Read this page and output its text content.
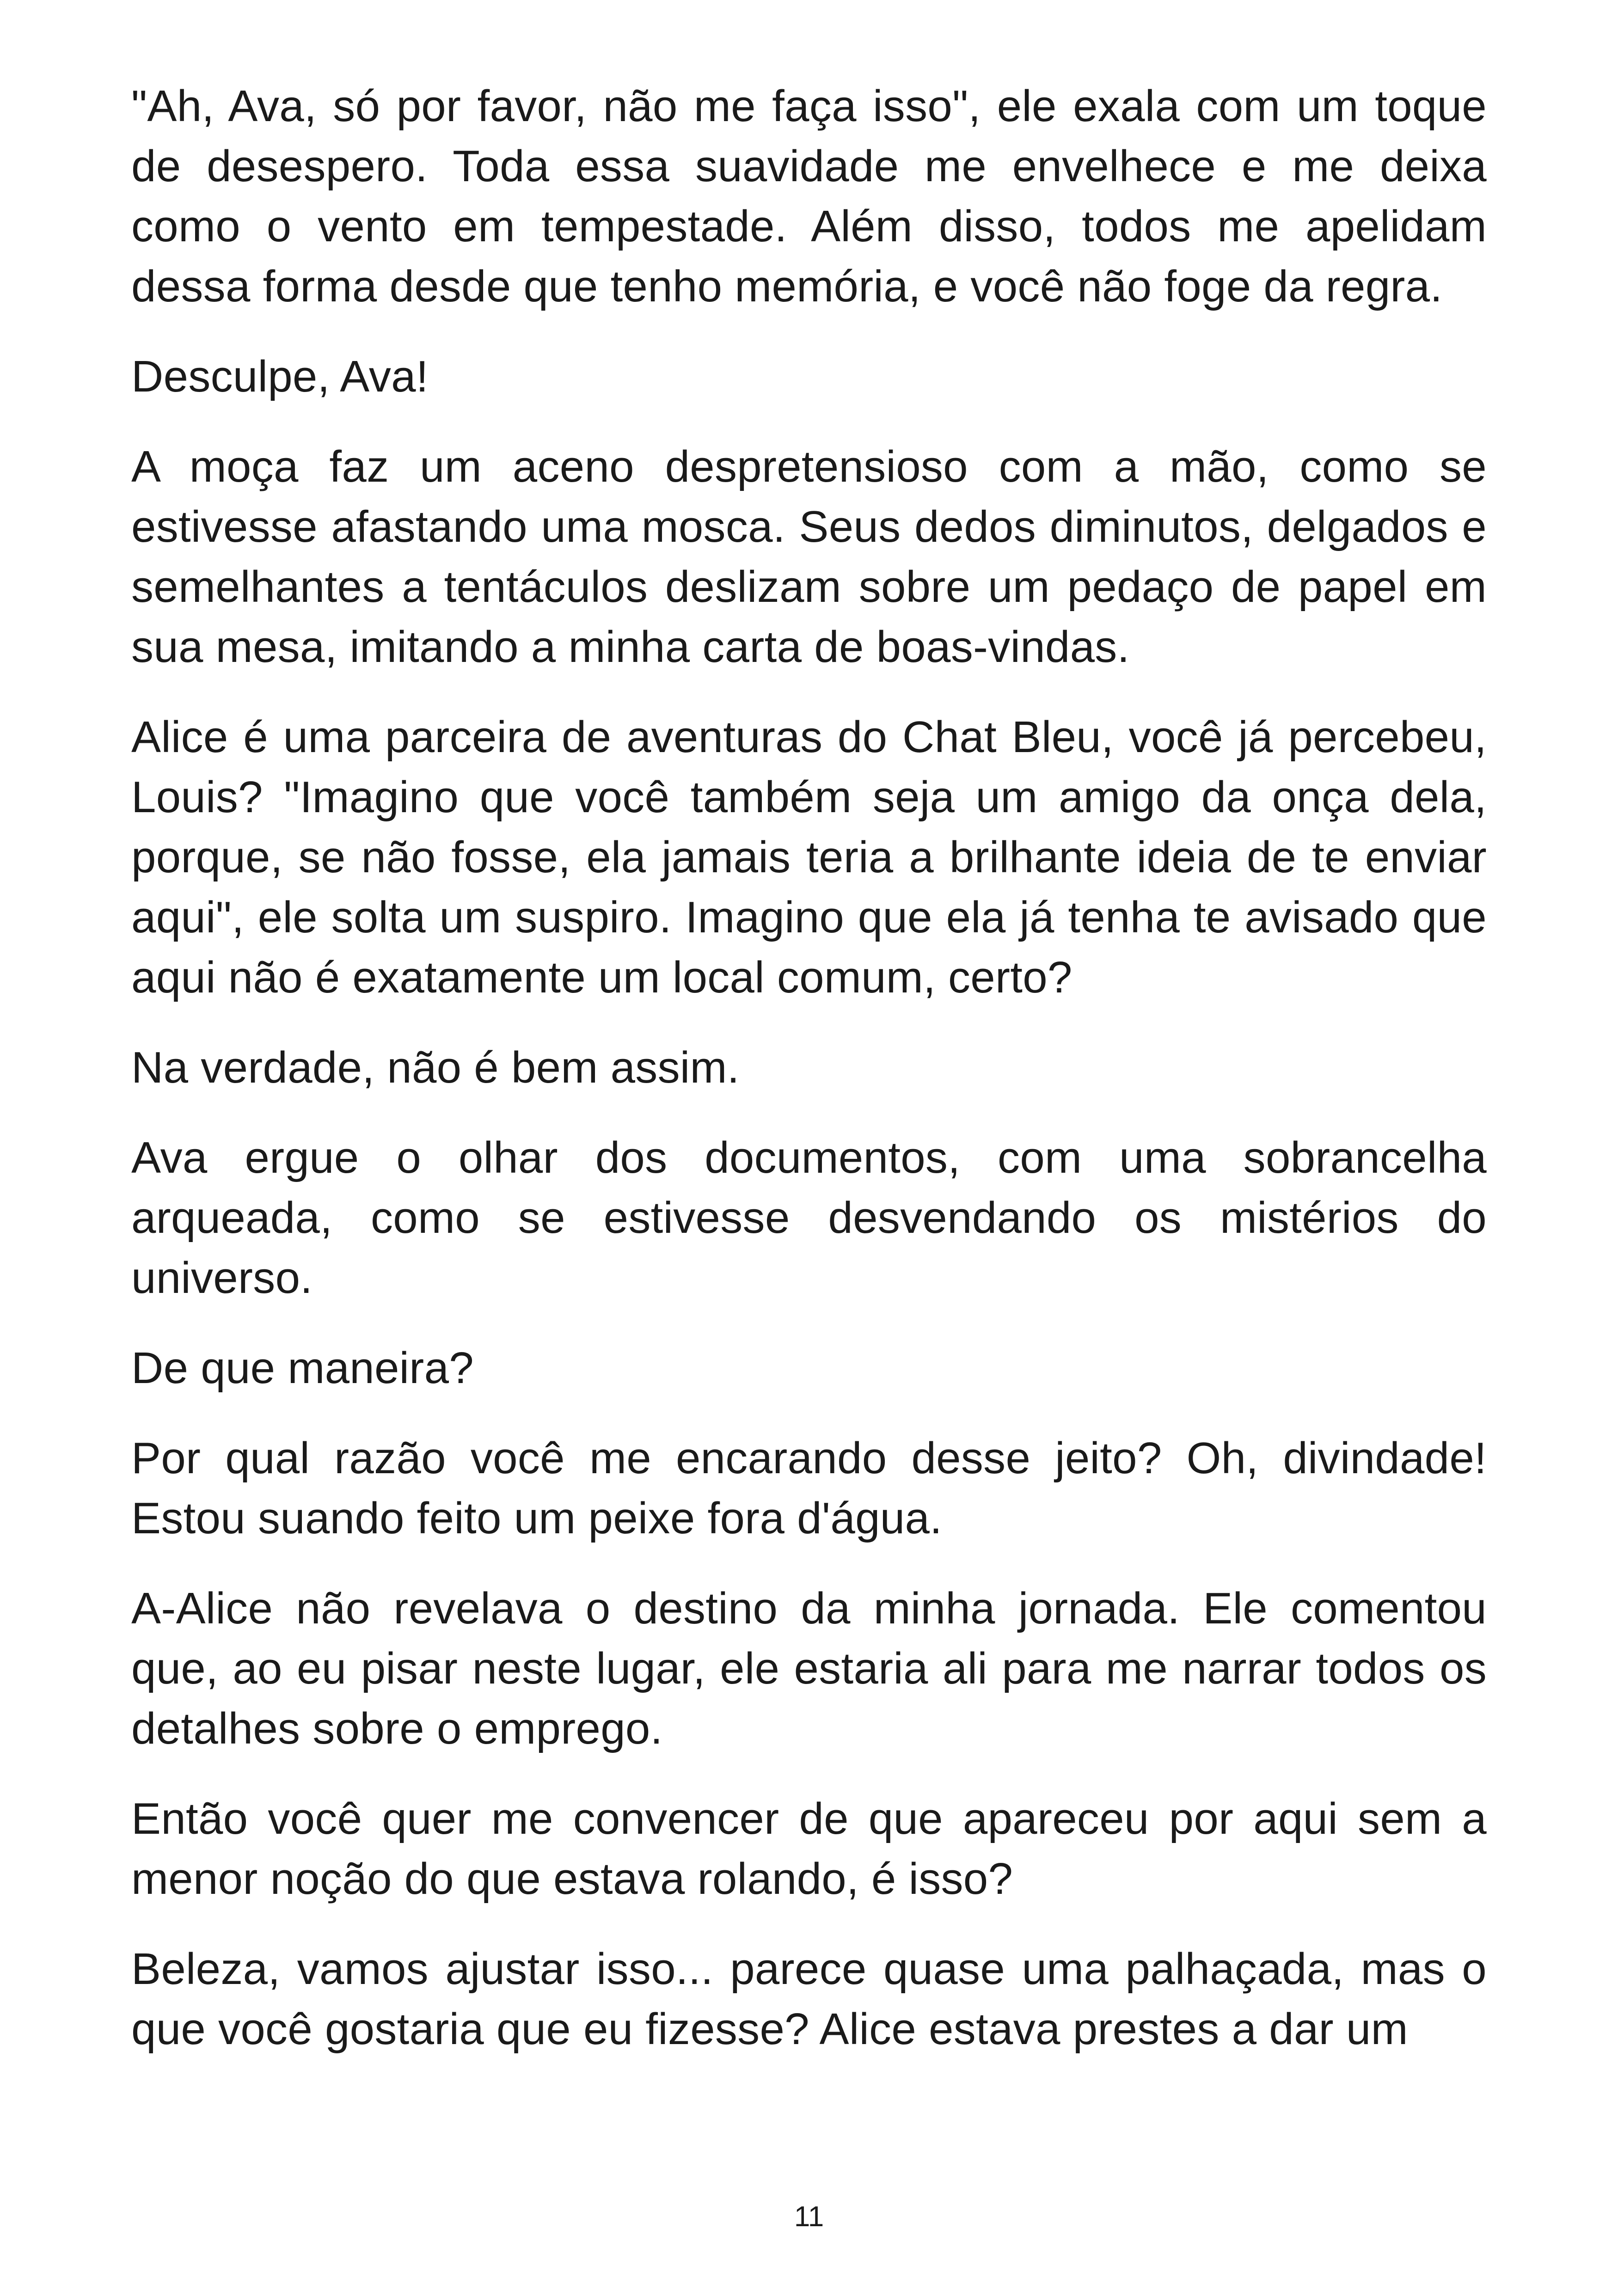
"Ah, Ava, só por favor, não me faça isso", ele exala com um toque de desespero. Toda essa suavidade me envelhece e me deixa como o vento em tempestade. Além disso, todos me apelidam dessa forma desde que tenho memória, e você não foge da regra.

Desculpe, Ava!

A moça faz um aceno despretensioso com a mão, como se estivesse afastando uma mosca. Seus dedos diminutos, delgados e semelhantes a tentáculos deslizam sobre um pedaço de papel em sua mesa, imitando a minha carta de boas-vindas.

Alice é uma parceira de aventuras do Chat Bleu, você já percebeu, Louis? "Imagino que você também seja um amigo da onça dela, porque, se não fosse, ela jamais teria a brilhante ideia de te enviar aqui", ele solta um suspiro. Imagino que ela já tenha te avisado que aqui não é exatamente um local comum, certo?

Na verdade, não é bem assim.

Ava ergue o olhar dos documentos, com uma sobrancelha arqueada, como se estivesse desvendando os mistérios do universo.

De que maneira?

Por qual razão você me encarando desse jeito? Oh, divindade! Estou suando feito um peixe fora d'água.

A-Alice não revelava o destino da minha jornada. Ele comentou que, ao eu pisar neste lugar, ele estaria ali para me narrar todos os detalhes sobre o emprego.

Então você quer me convencer de que apareceu por aqui sem a menor noção do que estava rolando, é isso?

Beleza, vamos ajustar isso... parece quase uma palhaçada, mas o que você gostaria que eu fizesse? Alice estava prestes a dar um

11
